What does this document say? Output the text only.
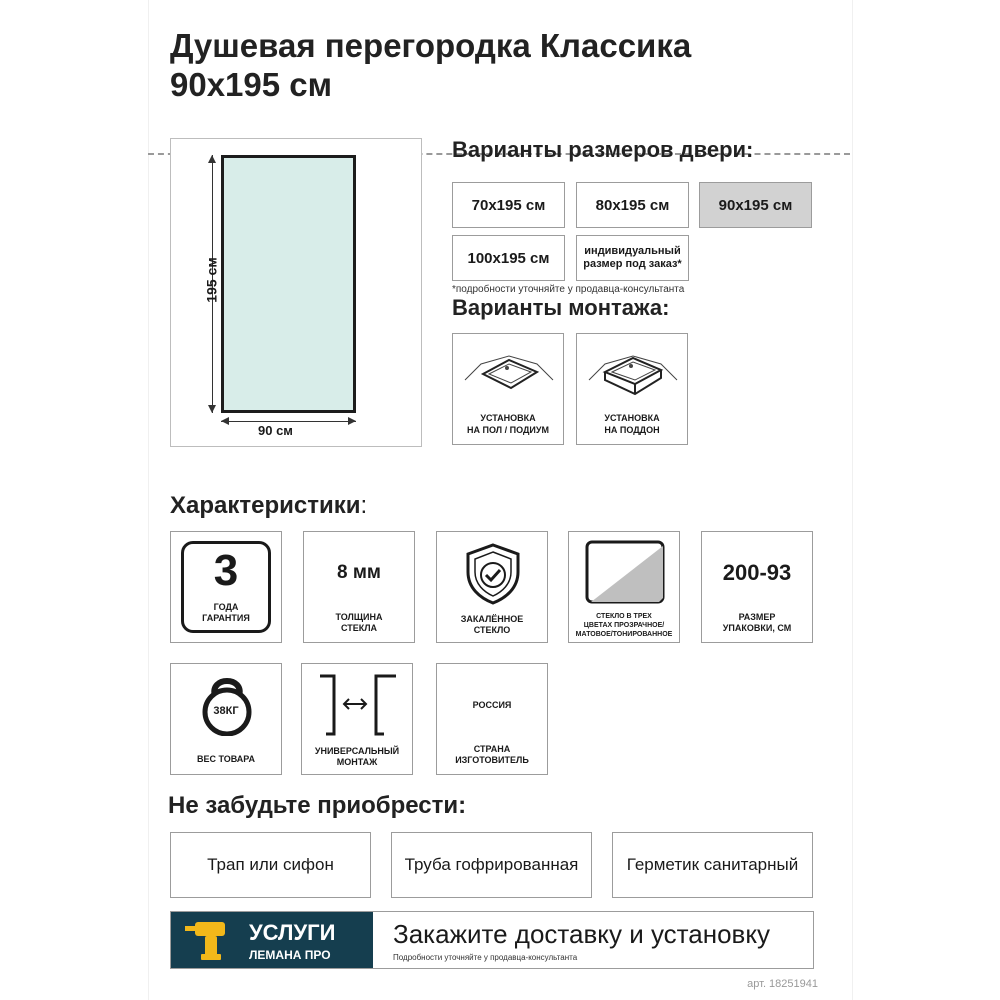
Душевая перегородка Классика
90x195 см
195 см
90 см
Варианты размеров двери:
70x195 см	80x195 см	90x195 см
100x195 см	индивидуальный размер под заказ*
*подробности уточняйте у продавца-консультанта
Варианты монтажа:
УСТАНОВКА
НА ПОЛ / ПОДИУМ
УСТАНОВКА
НА ПОДДОН
Характеристики:
3
ГОДА
ГАРАНТИЯ
8 мм
ТОЛЩИНА
СТЕКЛА
ЗАКАЛЁННОЕ
СТЕКЛО
СТЕКЛО В ТРЕХ
ЦВЕТАХ ПРОЗРАЧНОЕ/
МАТОВОЕ/ТОНИРОВАННОЕ
200-93
РАЗМЕР
УПАКОВКИ, СМ
38КГ
ВЕС ТОВАРА
УНИВЕРСАЛЬНЫЙ
МОНТАЖ
РОССИЯ
СТРАНА
ИЗГОТОВИТЕЛЬ
Не забудьте приобрести:
Трап или сифон	Труба гофрированная	Герметик санитарный
УСЛУГИ
ЛЕМАНА ПРО
Закажите доставку и установку
Подробности уточняйте у продавца-консультанта
арт. 18251941
